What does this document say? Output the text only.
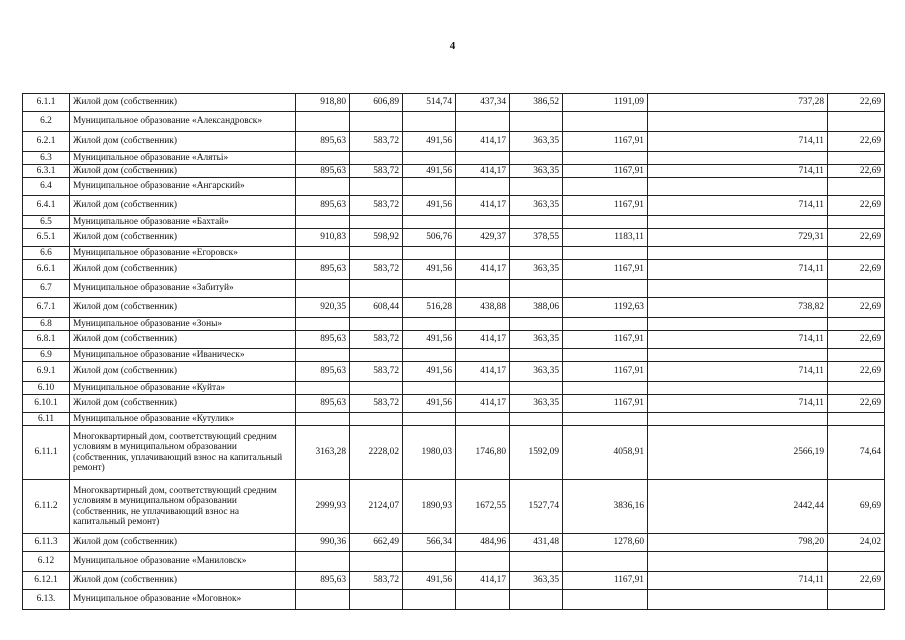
4
6.1.1	Жилой дом (собственник)	918,80	606,89	514,74	437,34	386,52	1191,09	737,28	22,69
6.2	Муниципальное образование «Александровск»								
6.2.1	Жилой дом (собственник)	895,63	583,72	491,56	414,17	363,35	1167,91	714,11	22,69
6.3	Муниципальное образование «Алятьі»								
6.3.1	Жилой дом (собственник)	895,63	583,72	491,56	414,17	363,35	1167,91	714,11	22,69
6.4	Муниципальное образование «Ангарский»								
6.4.1	Жилой дом (собственник)	895,63	583,72	491,56	414,17	363,35	1167,91	714,11	22,69
6.5	Муниципальное образование «Бахтай»								
6.5.1	Жилой дом (собственник)	910,83	598,92	506,76	429,37	378,55	1183,11	729,31	22,69
6.6	Муниципальное образование «Егоровск»								
6.6.1	Жилой дом (собственник)	895,63	583,72	491,56	414,17	363,35	1167,91	714,11	22,69
6.7	Муниципальное образование «Забитуй»								
6.7.1	Жилой дом (собственник)	920,35	608,44	516,28	438,88	388,06	1192,63	738,82	22,69
6.8	Муниципальное образование «Зоны»								
6.8.1	Жилой дом (собственник)	895,63	583,72	491,56	414,17	363,35	1167,91	714,11	22,69
6.9	Муниципальное образование «Иваническ»								
6.9.1	Жилой дом (собственник)	895,63	583,72	491,56	414,17	363,35	1167,91	714,11	22,69
6.10	Муниципальное образование «Куйта»								
6.10.1	Жилой дом (собственник)	895,63	583,72	491,56	414,17	363,35	1167,91	714,11	22,69
6.11	Муниципальное образование «Кутулик»								
6.11.1	Многоквартирный дом, соответствующий средним условиям в муниципальном образовании (собственник, уплачивающий взнос на капитальный ремонт)	3163,28	2228,02	1980,03	1746,80	1592,09	4058,91	2566,19	74,64
6.11.2	Многоквартирный дом, соответствующий средним условиям в муниципальном образовании (собственник, не уплачивающий взнос на капитальный ремонт)	2999,93	2124,07	1890,93	1672,55	1527,74	3836,16	2442,44	69,69
6.11.3	Жилой дом (собственник)	990,36	662,49	566,34	484,96	431,48	1278,60	798,20	24,02
6.12	Муниципальное образование «Маниловск»								
6.12.1	Жилой дом (собственник)	895,63	583,72	491,56	414,17	363,35	1167,91	714,11	22,69
6.13.	Муниципальное образование «Моговнок»								
